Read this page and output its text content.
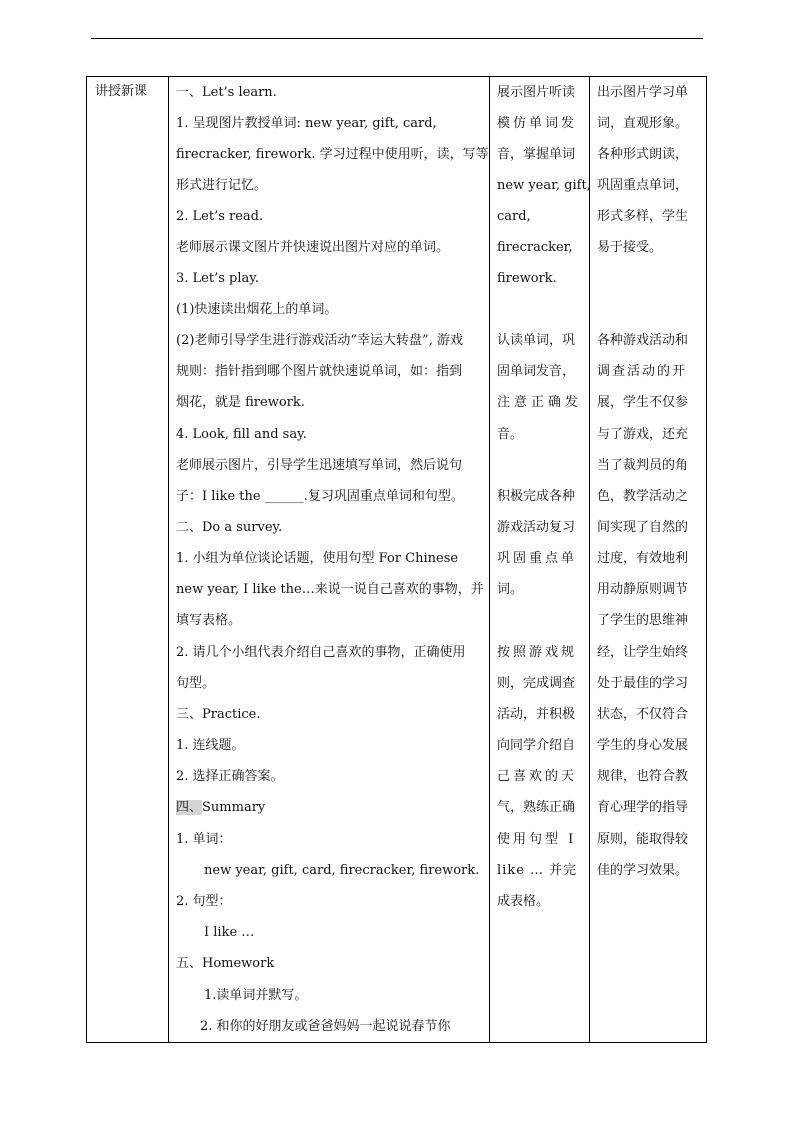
讲授新课 一、Let’s learn.
1. 呈现图片教授单词: new year, gift, card,
firecracker, firework. 学习过程中使用听，读，写等
形式进行记忆。
2. Let’s read.
老师展示课文图片并快速说出图片对应的单词。
3. Let’s play.
(1)快速读出烟花上的单词。
(2)老师引导学生进行游戏活动“幸运大转盘”, 游戏
规则：指针指到哪个图片就快速说单词，如：指到
烟花，就是 firework.
4. Look, fill and say.
老师展示图片，引导学生迅速填写单词，然后说句
子：I like the ______.复习巩固重点单词和句型。
二、Do a survey.
1. 小组为单位谈论话题，使用句型 For Chinese
new year, I like the…来说一说自己喜欢的事物，并
填写表格。
2. 请几个小组代表介绍自己喜欢的事物，正确使用
句型。
三、Practice.
1. 连线题。
2. 选择正确答案。
四、Summary
1. 单词：
new year, gift, card, firecracker, firework.
2. 句型：
I like …
五、Homework
1.读单词并默写。
2. 和你的好朋友或爸爸妈妈一起说说春节你
展示图片听读
模仿单词发
音，掌握单词
new year, gift,
card,
firecracker,
firework.
认读单词，巩
固单词发音，
注意正确发
音。
积极完成各种
游戏活动复习
巩固重点单
词。
按照游戏规
则，完成调查
活动，并积极
向同学介绍自
己喜欢的天
气，熟练正确
使用句型 I
like … 并完
成表格。
出示图片学习单
词，直观形象。
各种形式朗读，
巩固重点单词，
形式多样，学生
易于接受。
各种游戏活动和
调查活动的开
展，学生不仅参
与了游戏，还充
当了裁判员的角
色，教学活动之
间实现了自然的
过度，有效地利
用动静原则调节
了学生的思维神
经，让学生始终
处于最佳的学习
状态，不仅符合
学生的身心发展
规律，也符合教
育心理学的指导
原则，能取得较
佳的学习效果。
